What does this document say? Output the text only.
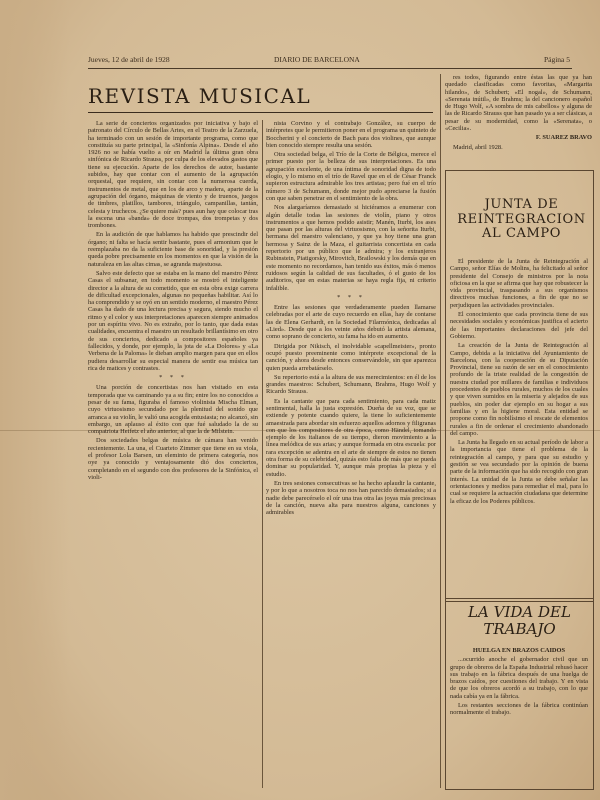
Jueves, 12 de abril de 1928	DIARIO DE BARCELONA	Página 5
REVISTA MUSICAL

La serie de conciertos organizados por iniciativa y bajo el patronato del Círculo de Bellas Artes, en el Teatro de la Zarzuela, ha terminado con un sesión de importante programa, como que constituía su parte principal, la «Sinfonía Alpina». Desde el año 1926 no se había vuelto a oír en Madrid la última gran obra sinfónica de Ricardo Strauss, por culpa de los elevados gastos que tiene su ejecución. Aparte de los derechos de autor, bastante subidos, hay que contar con el aumento de la agrupación orquestal, que requiere, sin contar con la numerosa cuerda, instrumentos de metal, que en los de arco y madera, aparte de la agrupación del órgano, máquinas de viento y de truenos, juegos de timbres, platillos, tambores, triángulo, campanillas, tantán, celesta y truchecos. ¿Se quiere más? pues aun hay que colocar tras la escena una «banda» de doce trompas, dos trompetas y dos trombones.

En la audición de que hablamos ha habido que prescindir del órgano; ni falta se hacía sentir bastante, pues el armonium que le reemplazaba no da la suficiente base de sonoridad, y la presión queda pobre precisamente en los momentos en que la visión de la naturaleza en las altas cimas, se agranda majestuosa.

Salvo este defecto que se estaba en la mano del maestro Pérez Casas el subsanar, en todo momento se mostró el inteligente director a la altura de su cometido, que en esta obra exige carrera de dificultad excepcionales, algunas no pequeñas habilitar. Así lo ha comprendido y se oyó en un sentido moderno, el maestro Pérez Casas ha dado de una lectura precisa y segura, siendo mucho el ritmo y el color y sus interpretaciones aparecen siempre animados por un espíritu vivo. No es extraño, por lo tanto, que dada estas cualidades, encuentra el maestro un resultado brillantísimo en otro de sus conciertos, dedicado a compositores españoles ya fallecidos, y donde, por ejemplo, la jota de «La Dolores» y «La Verbena de la Paloma» le dieban amplio margen para que en ellos pudiera desarrollar su especial manera de sentir esa música tan rica de matices y contrastes.

* * *

Una porción de concertistas nos han visitado en esta temporada que va caminando ya a su fin; entre los no conocidos a pesar de su fama, figuraba el famoso violinista Mischa Elman, cuyo virtuosismo secundado por la plenitud del sonido que arranca a su violín, le valió una acogida entusiasta; no alcanzó, sin embargo, un aplauso al éxito con que fué saludado la de su compatriota Heifetz el año anterior, al que la de Milstein.

Dos sociedades belgas de música de cámara han venido recientemente. La una, el Cuarteto Zimmer que tiene en su viola, el profesor Lola Barsen, un eleminto de primera categoría, nos oye ya conocido y ventajosamente dió dos conciertos, completando en el segundo con dos profesores de la Sinfónica, el violi-

nista Corvino y el contrabajo González, su cuerpo de intérpretes que le permitieron poner en el programa un quinteto de Boccherini y el concierto de Bach para dos violines, que aunque bien conocido siempre resulta una sesión.

Otra sociedad belga, el Trío de la Corte de Bélgica, merece el primer puesto por la belleza de sus interpretaciones. Es una agrupación excelente, de una íntima de sonoridad digna de todo elogio, y lo mismo en el trío de Ravel que en el de César Franck supieron estructura admirable los tres artistas; pero fué en el trío número 3 de Schumann, donde mejor pudo apreciarse la fusión con que saben penetrar en el sentimiento de la obra.

Nos alargaríamos demasiado si hiciéramos a enumerar con algún detalle todas las sesiones de violín, piano y otros instrumentos a que hemos podido asistir; Manén, Iturbi, los ases que pasan por las alturas del virtuosismo, con la señorita Iturbi, hermana del maestro valenciano, y que ya hoy tiene una gran hermosa y Sainz de la Maza, el guitarrista concertista en cada repertorio por un público que le admira; y los extranjeros Rubinstein, Piatigorsky, Mirovitch, Brailowski y los demás que en este momento no recordamos, han tenido sus éxitos, más ó menos ruidosos según la calidad de sus facultades, ó el gusto de los auditorios, que en estas materias se haya regla fija, ni criterio infalible.

* * *

Entre las sesiones que verdaderamente pueden llamarse celebradas por el arte de cuyo recuerdo en ellas, hay de contarse las de Elena Gerhardt, en la Sociedad Filarmónica, dedicadas al «Lied». Desde que a los veinte años debutó la artista alemana, como soprano de concierto, su fama ha ido en aumento.

Dirigida por Nikisch, el inolvidable «capellmeister», pronto ocupó puesto preeminente como intérprete excepcional de la canción, y ahora desde entonces conservándole, sin que aparezca quien pueda arrebatárselo.

Su repertorio está a la altura de sus merecimientos: en él de los grandes maestros: Schubert, Schumann, Brahms, Hugo Wolf y Ricardo Strauss.

Es la cantante que para cada sentimiento, para cada matiz sentimental, halla la justa expresión. Dueña de su voz, que se extiende y potente cuando quiere, la tiene lo suficientemente amaestrada para abordar sin esfuerzo aquellos adornos y filigranas con que los compositores de otra época, como Händel, tomando ejemplo de los italianos de su tiempo, dieron movimiento a la línea melódica de sus arias; y aunque formada en otra escuela: por rara excepción se adentra en el arte de siempre de estos no tienen otra forma de su celebridad, quizás esto falta de más que se pueda dominar su popularidad. Y, aunque más propias la pieza y el estudio.

En tres sesiones consecutivas se ha hecho aplaudir la cantante, y por lo que a nosotros toca no nos han parecido demasiados; si a nadie debe parecérselo el oír una tras otra las joyas más preciosas de la canción, nueva alta para nuestros alguna, canciones y admirables

res todos, figurando entre éstas las que ya han quedado clasificadas como favoritas, «Margarita hilando», de Schubert; «El nogal», de Schumann, «Serenata inútil», de Brahms; la del cancionero español de Hugo Wolf, «A sombra de mis cabellos» y alguna de las de Ricardo Strauss que han pasado ya a ser clásicas, a pesar de su modernidad, como la «Serenata», o «Cecilia».

F. SUAREZ BRAVO

Madrid, abril 1928.

JUNTA DE REINTEGRACION AL CAMPO

El presidente de la Junta de Reintegración al Campo, señor Elías de Molins, ha felicitado al señor presidente del Consejo de ministros por la nota oficiosa en la que se afirma que hay que robustecer la vida provincial, traspasando a sus organismos directivos muchas funciones, a fin de que no se perjudiquen las actividades provinciales.

El conocimiento que cada provincia tiene de sus necesidades sociales y económicas justifica el acierto de las importantes declaraciones del jefe del Gobierno.

La creación de la Junta de Reintegración al Campo, debida a la iniciativa del Ayuntamiento de Barcelona, con la cooperación de su Diputación Provincial, tiene su razón de ser en el conocimiento profundo de la triste realidad de la congestión de nuestra ciudad por millares de familias e individuos procedentes de pueblos rurales, muchos de los cuales y que viven sumidos en la miseria y alejados de sus pueblos, sin poder dar ejemplo en su hogar a sus familias y en la higiene moral. Esta entidad se propone como fin nobilísimo el rescate de elementos rurales a fin de ordenar el crecimiento abandonado del campo.

La Junta ha llegado en su actual período de labor a la importancia que tiene el problema de la reintegración al campo, y para que su estudio y gestión se vea secundado por la opinión de buena parte de la información que ha sido recogido con gran interés. La unidad de la Junta se debe señalar las orientaciones y medios para remediar el mal, para lo cual se requiere la actuación ciudadana que determine la eficaz de los Poderes públicos.

LA VIDA DEL TRABAJO
HUELGA EN BRAZOS CAIDOS

...ocurrido anoche el gobernador civil que un grupo de obreros de la España Industrial rehusó hacer sus trabajo en la fábrica después de una huelga de brazos caídos, por cuestiones del trabajo. Y en vista de que los obreros acordó a su trabajo, con lo que nada cabía ya en la fábrica.

Los restantes secciones de la fábrica continúan normalmente el trabajo.
